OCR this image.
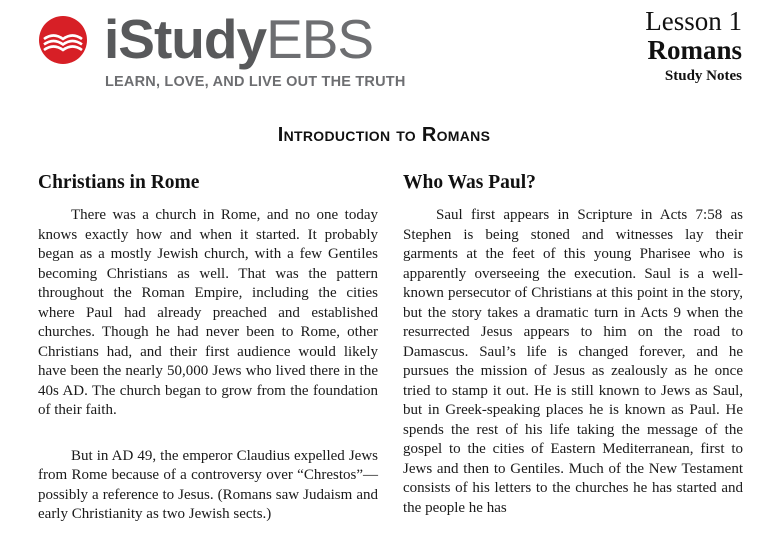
iStudyEBS
LEARN, LOVE, AND LIVE OUT THE TRUTH
Lesson 1
Romans
Study Notes
Introduction to Romans
Christians in Rome

There was a church in Rome, and no one today knows exactly how and when it started. It probably began as a mostly Jewish church, with a few Gentiles becoming Christians as well. That was the pattern throughout the Roman Empire, including the cities where Paul had already preached and established churches. Though he had never been to Rome, other Christians had, and their first audience would likely have been the nearly 50,000 Jews who lived there in the 40s AD. The church began to grow from the foundation of their faith.

But in AD 49, the emperor Claudius expelled Jews from Rome because of a controversy over “Chrestos”—possibly a reference to Jesus. (Romans saw Judaism and early Christianity as two Jewish sects.)

Who Was Paul?

Saul first appears in Scripture in Acts 7:58 as Stephen is being stoned and witnesses lay their garments at the feet of this young Pharisee who is apparently overseeing the execution. Saul is a well-known persecutor of Christians at this point in the story, but the story takes a dramatic turn in Acts 9 when the resurrected Jesus appears to him on the road to Damascus. Saul’s life is changed forever, and he pursues the mission of Jesus as zealously as he once tried to stamp it out. He is still known to Jews as Saul, but in Greek-speaking places he is known as Paul. He spends the rest of his life taking the message of the gospel to the cities of Eastern Mediterranean, first to Jews and then to Gentiles. Much of the New Testament consists of his letters to the churches he has started and the people he has
